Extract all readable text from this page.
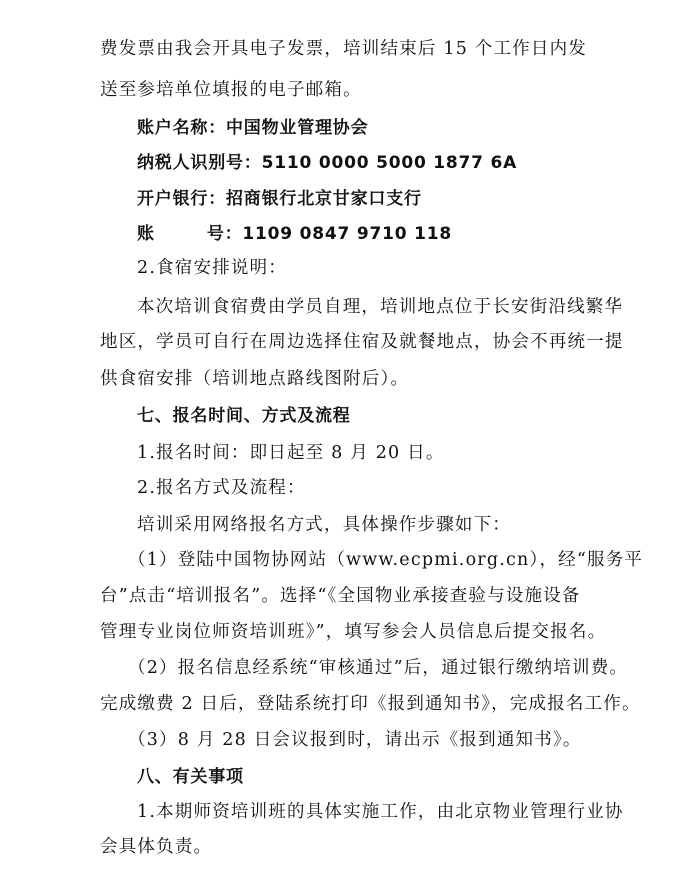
费发票由我会开具电子发票，培训结束后 15 个工作日内发
送至参培单位填报的电子邮箱。
账户名称：中国物业管理协会
纳税人识别号：5110 0000 5000 1877 6A
开户银行：招商银行北京甘家口支行
账	号：1109 0847 9710 118
2.食宿安排说明：
本次培训食宿费由学员自理，培训地点位于长安街沿线繁华
地区，学员可自行在周边选择住宿及就餐地点，协会不再统一提
供食宿安排（培训地点路线图附后）。
七、报名时间、方式及流程
1.报名时间：即日起至 8 月 20 日。
2.报名方式及流程：
培训采用网络报名方式，具体操作步骤如下：
（1）登陆中国物协网站（www.ecpmi.org.cn），经“服务平
台”点击“培训报名”。选择“《全国物业承接查验与设施设备
管理专业岗位师资培训班》”，填写参会人员信息后提交报名。
（2）报名信息经系统“审核通过”后，通过银行缴纳培训费。
完成缴费 2 日后，登陆系统打印《报到通知书》，完成报名工作。
（3）8 月 28 日会议报到时，请出示《报到通知书》。
八、有关事项
1.本期师资培训班的具体实施工作，由北京物业管理行业协
会具体负责。
